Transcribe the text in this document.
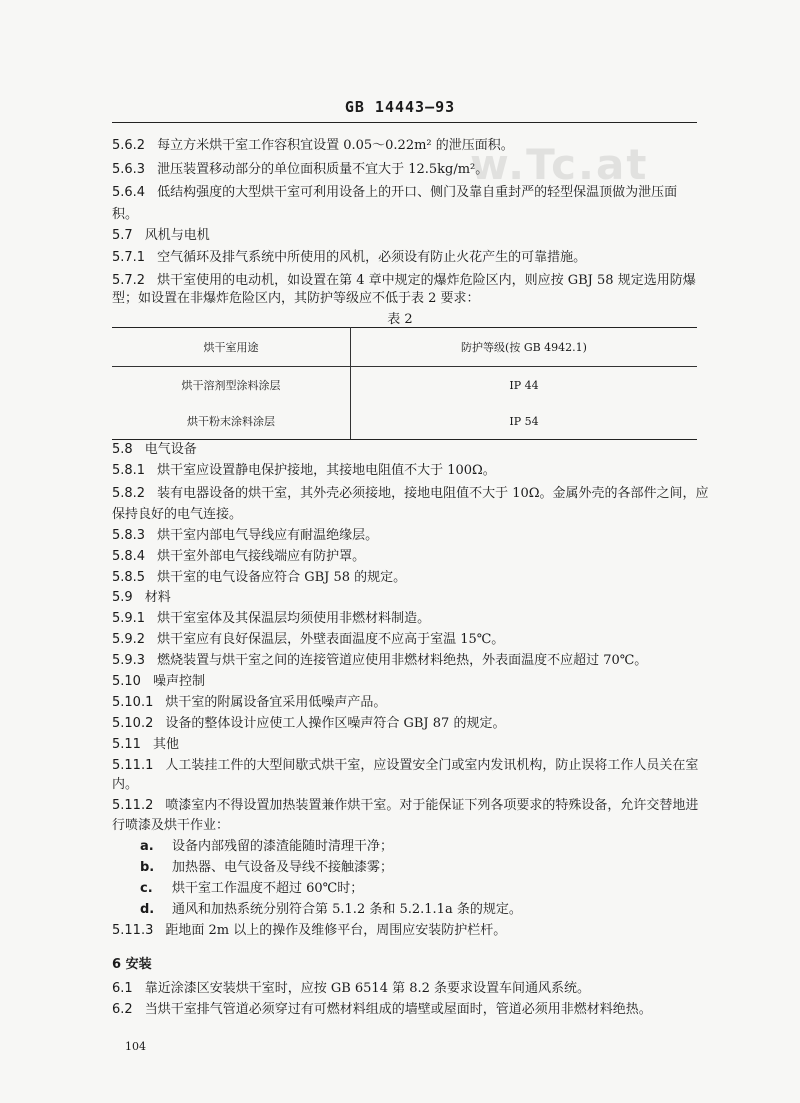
w.Tc.at
GB 14443—93
5.6.2 每立方米烘干室工作容积宜设置 0.05～0.22m² 的泄压面积。
5.6.3 泄压装置移动部分的单位面积质量不宜大于 12.5kg/m²。
5.6.4 低结构强度的大型烘干室可利用设备上的开口、侧门及靠自重封严的轻型保温顶做为泄压面
积。
5.7 风机与电机
5.7.1 空气循环及排气系统中所使用的风机，必须设有防止火花产生的可靠措施。
5.7.2 烘干室使用的电动机，如设置在第 4 章中规定的爆炸危险区内，则应按 GBJ 58 规定选用防爆
型；如设置在非爆炸危险区内，其防护等级应不低于表 2 要求：
表 2
烘干室用途	防护等级(按 GB 4942.1)
烘干溶剂型涂料涂层	IP 44
烘干粉末涂料涂层	IP 54
5.8 电气设备
5.8.1 烘干室应设置静电保护接地，其接地电阻值不大于 100Ω。
5.8.2 装有电器设备的烘干室，其外壳必须接地，接地电阻值不大于 10Ω。金属外壳的各部件之间，应
保持良好的电气连接。
5.8.3 烘干室内部电气导线应有耐温绝缘层。
5.8.4 烘干室外部电气接线端应有防护罩。
5.8.5 烘干室的电气设备应符合 GBJ 58 的规定。
5.9 材料
5.9.1 烘干室室体及其保温层均须使用非燃材料制造。
5.9.2 烘干室应有良好保温层，外壁表面温度不应高于室温 15℃。
5.9.3 燃烧装置与烘干室之间的连接管道应使用非燃材料绝热，外表面温度不应超过 70℃。
5.10 噪声控制
5.10.1 烘干室的附属设备宜采用低噪声产品。
5.10.2 设备的整体设计应使工人操作区噪声符合 GBJ 87 的规定。
5.11 其他
5.11.1 人工装挂工件的大型间歇式烘干室，应设置安全门或室内发讯机构，防止误将工作人员关在室
内。
5.11.2 喷漆室内不得设置加热装置兼作烘干室。对于能保证下列各项要求的特殊设备，允许交替地进
行喷漆及烘干作业：
a. 设备内部残留的漆渣能随时清理干净；
b. 加热器、电气设备及导线不接触漆雾；
c. 烘干室工作温度不超过 60℃时；
d. 通风和加热系统分别符合第 5.1.2 条和 5.2.1.1a 条的规定。
5.11.3 距地面 2m 以上的操作及维修平台，周围应安装防护栏杆。
6 安装
6.1 靠近涂漆区安装烘干室时，应按 GB 6514 第 8.2 条要求设置车间通风系统。
6.2 当烘干室排气管道必须穿过有可燃材料组成的墙壁或屋面时，管道必须用非燃材料绝热。
104
